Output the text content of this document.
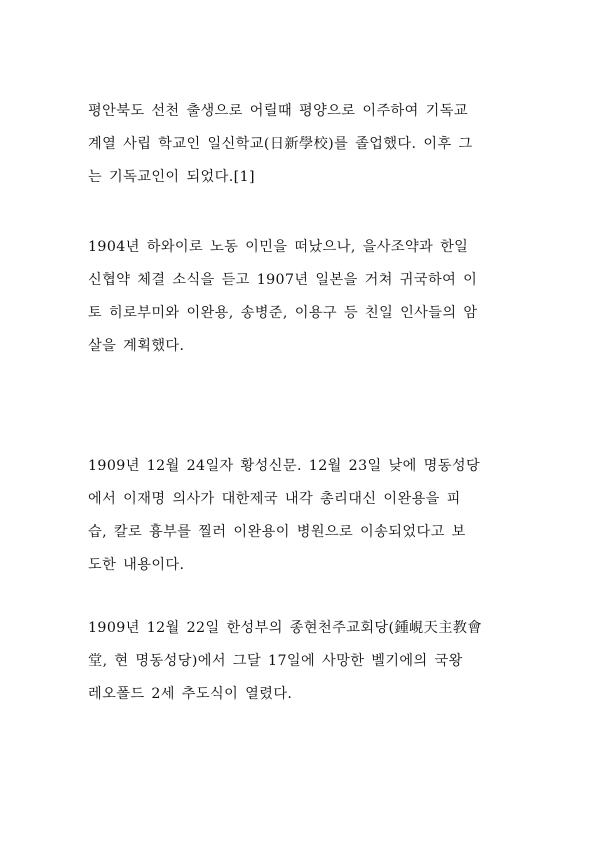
평안북도 선천 출생으로 어릴때 평양으로 이주하여 기독교
계열 사립 학교인 일신학교(日新學校)를 졸업했다. 이후 그
는 기독교인이 되었다.[1]

1904년 하와이로 노동 이민을 떠났으나, 을사조약과 한일
신협약 체결 소식을 듣고 1907년 일본을 거쳐 귀국하여 이
토 히로부미와 이완용, 송병준, 이용구 등 친일 인사들의 암
살을 계획했다.

1909년 12월 24일자 황성신문. 12월 23일 낮에 명동성당
에서 이재명 의사가 대한제국 내각 총리대신 이완용을 피
습, 칼로 흉부를 찔러 이완용이 병원으로 이송되었다고 보
도한 내용이다.

1909년 12월 22일 한성부의 종현천주교회당(鍾峴天主教會
堂, 현 명동성당)에서 그달 17일에 사망한 벨기에의 국왕
레오폴드 2세 추도식이 열렸다.
